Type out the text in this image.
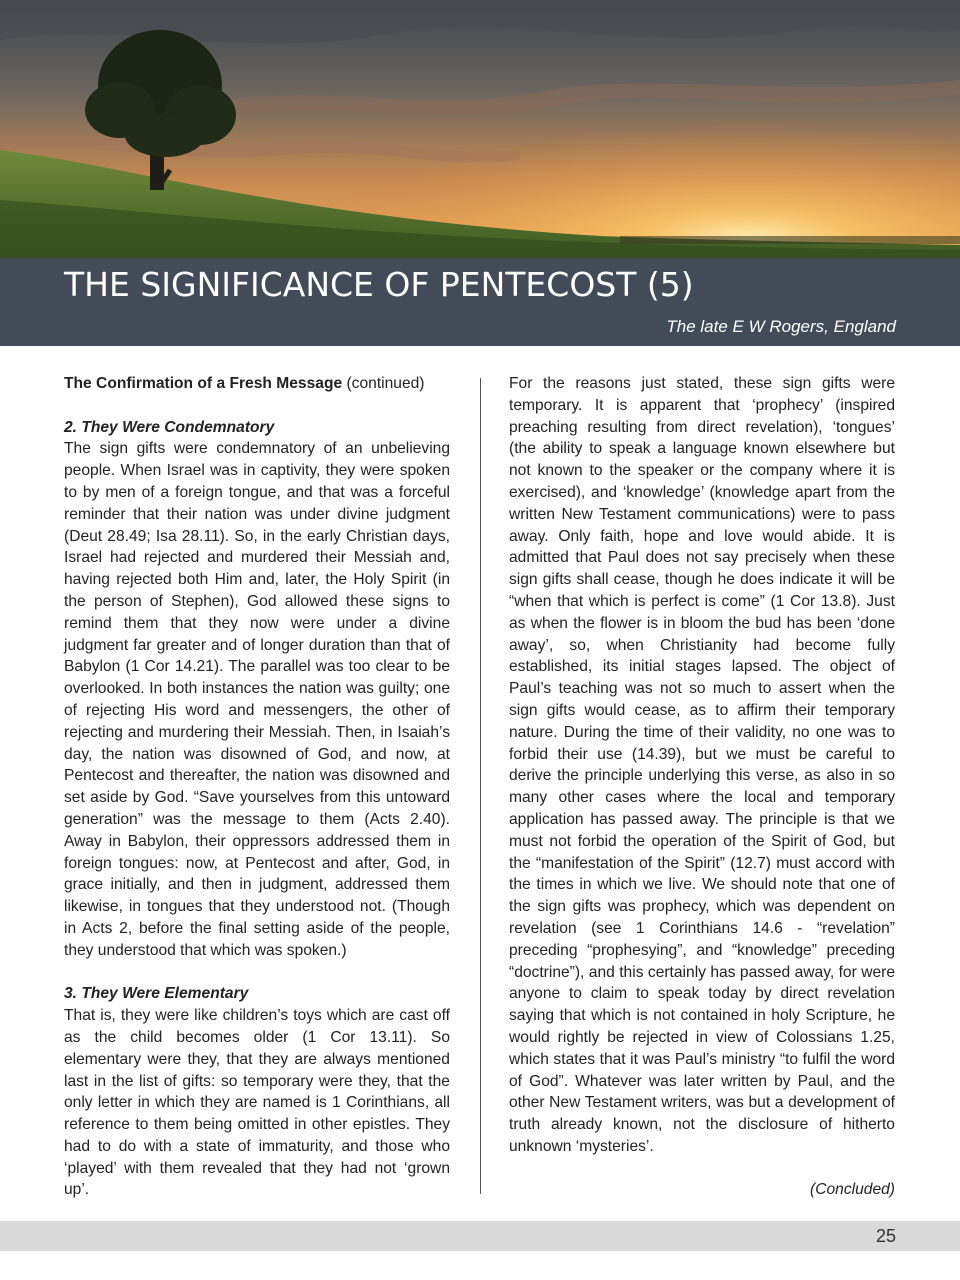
THE SIGNIFICANCE OF PENTECOST (5)
The late E W Rogers, England

The Confirmation of a Fresh Message (continued)

2. They Were Condemnatory

The sign gifts were condemnatory of an unbelieving people. When Israel was in captivity, they were spoken to by men of a foreign tongue, and that was a forceful reminder that their nation was under divine judgment (Deut 28.49; Isa 28.11). So, in the early Christian days, Israel had rejected and murdered their Messiah and, having rejected both Him and, later, the Holy Spirit (in the person of Stephen), God allowed these signs to remind them that they now were under a divine judgment far greater and of longer duration than that of Babylon (1 Cor 14.21). The parallel was too clear to be overlooked. In both instances the nation was guilty; one of rejecting His word and messengers, the other of rejecting and murdering their Messiah. Then, in Isaiah’s day, the nation was disowned of God, and now, at Pentecost and thereafter, the nation was disowned and set aside by God. “Save yourselves from this untoward generation” was the message to them (Acts 2.40). Away in Babylon, their oppressors addressed them in foreign tongues: now, at Pentecost and after, God, in grace initially, and then in judgment, addressed them likewise, in tongues that they understood not. (Though in Acts 2, before the final setting aside of the people, they understood that which was spoken.)

3. They Were Elementary

That is, they were like children’s toys which are cast off as the child becomes older (1 Cor 13.11). So elementary were they, that they are always mentioned last in the list of gifts: so temporary were they, that the only letter in which they are named is 1 Corinthians, all reference to them being omitted in other epistles. They had to do with a state of immaturity, and those who ‘played’ with them revealed that they had not ‘grown up’.

For the reasons just stated, these sign gifts were temporary. It is apparent that ‘prophecy’ (inspired preaching resulting from direct revelation), ‘tongues’ (the ability to speak a language known elsewhere but not known to the speaker or the company where it is exercised), and ‘knowledge’ (knowledge apart from the written New Testament communications) were to pass away. Only faith, hope and love would abide. It is admitted that Paul does not say precisely when these sign gifts shall cease, though he does indicate it will be “when that which is perfect is come” (1 Cor 13.8). Just as when the flower is in bloom the bud has been ‘done away’, so, when Christianity had become fully established, its initial stages lapsed. The object of Paul’s teaching was not so much to assert when the sign gifts would cease, as to affirm their temporary nature. During the time of their validity, no one was to forbid their use (14.39), but we must be careful to derive the principle underlying this verse, as also in so many other cases where the local and temporary application has passed away. The principle is that we must not forbid the operation of the Spirit of God, but the “manifestation of the Spirit” (12.7) must accord with the times in which we live. We should note that one of the sign gifts was prophecy, which was dependent on revelation (see 1 Corinthians 14.6 - “revelation” preceding “prophesying”, and “knowledge” preceding “doctrine”), and this certainly has passed away, for were anyone to claim to speak today by direct revelation saying that which is not contained in holy Scripture, he would rightly be rejected in view of Colossians 1.25, which states that it was Paul’s ministry “to fulfil the word of God”. Whatever was later written by Paul, and the other New Testament writers, was but a development of truth already known, not the disclosure of hitherto unknown ‘mysteries’.

(Concluded)

25
